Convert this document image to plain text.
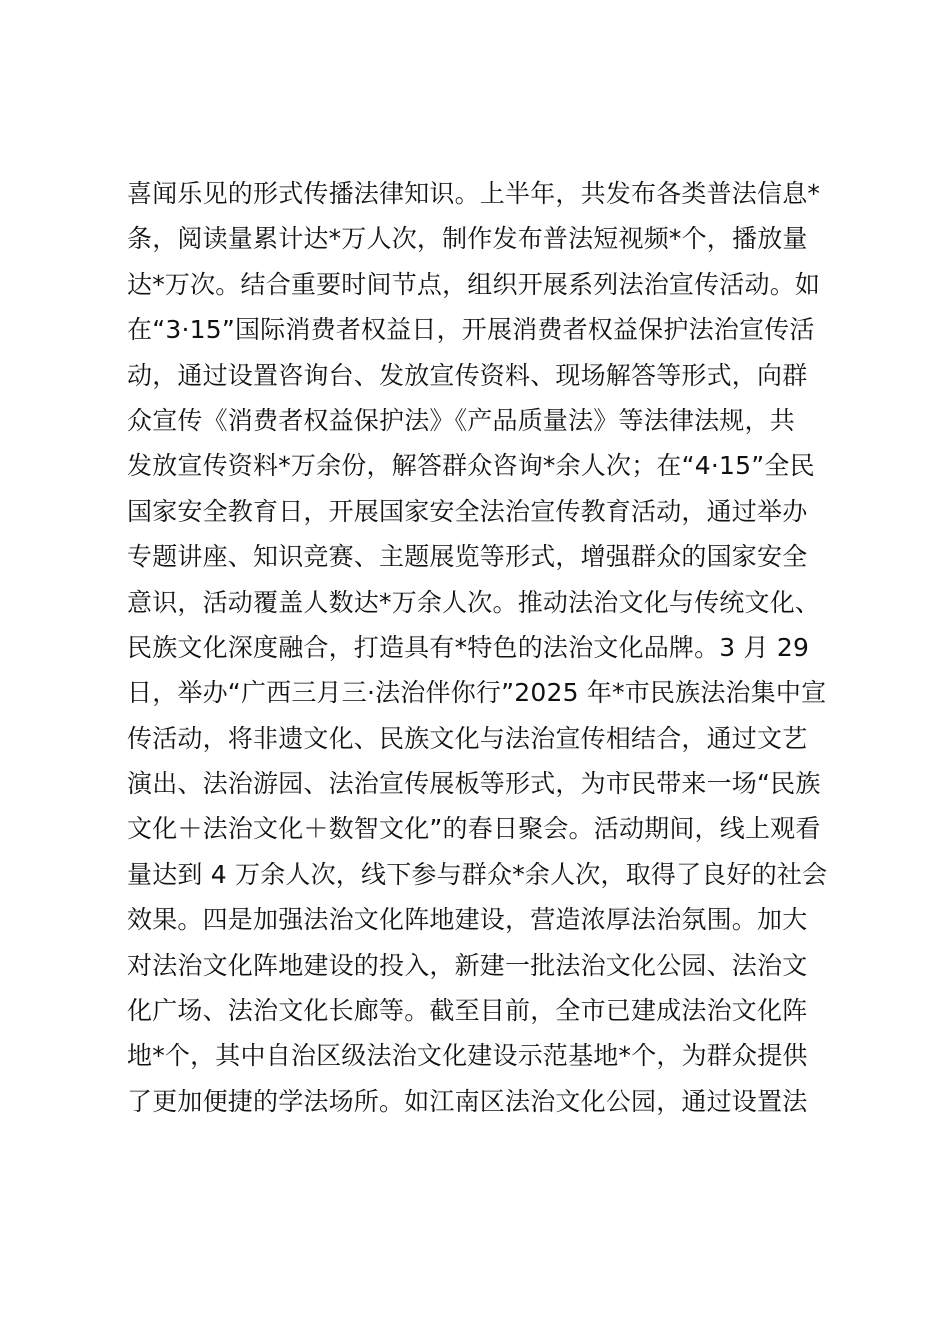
喜闻乐见的形式传播法律知识。上半年，共发布各类普法信息*
条，阅读量累计达*万人次，制作发布普法短视频*个，播放量
达*万次。结合重要时间节点，组织开展系列法治宣传活动。如
在“3·15”国际消费者权益日，开展消费者权益保护法治宣传活
动，通过设置咨询台、发放宣传资料、现场解答等形式，向群
众宣传《消费者权益保护法》《产品质量法》等法律法规，共
发放宣传资料*万余份，解答群众咨询*余人次；在“4·15”全民
国家安全教育日，开展国家安全法治宣传教育活动，通过举办
专题讲座、知识竞赛、主题展览等形式，增强群众的国家安全
意识，活动覆盖人数达*万余人次。推动法治文化与传统文化、
民族文化深度融合，打造具有*特色的法治文化品牌。3 月 29
日，举办“广西三月三·法治伴你行”2025 年*市民族法治集中宣
传活动，将非遗文化、民族文化与法治宣传相结合，通过文艺
演出、法治游园、法治宣传展板等形式，为市民带来一场“民族
文化＋法治文化＋数智文化”的春日聚会。活动期间，线上观看
量达到 4 万余人次，线下参与群众*余人次，取得了良好的社会
效果。四是加强法治文化阵地建设，营造浓厚法治氛围。加大
对法治文化阵地建设的投入，新建一批法治文化公园、法治文
化广场、法治文化长廊等。截至目前，全市已建成法治文化阵
地*个，其中自治区级法治文化建设示范基地*个，为群众提供
了更加便捷的学法场所。如江南区法治文化公园，通过设置法
